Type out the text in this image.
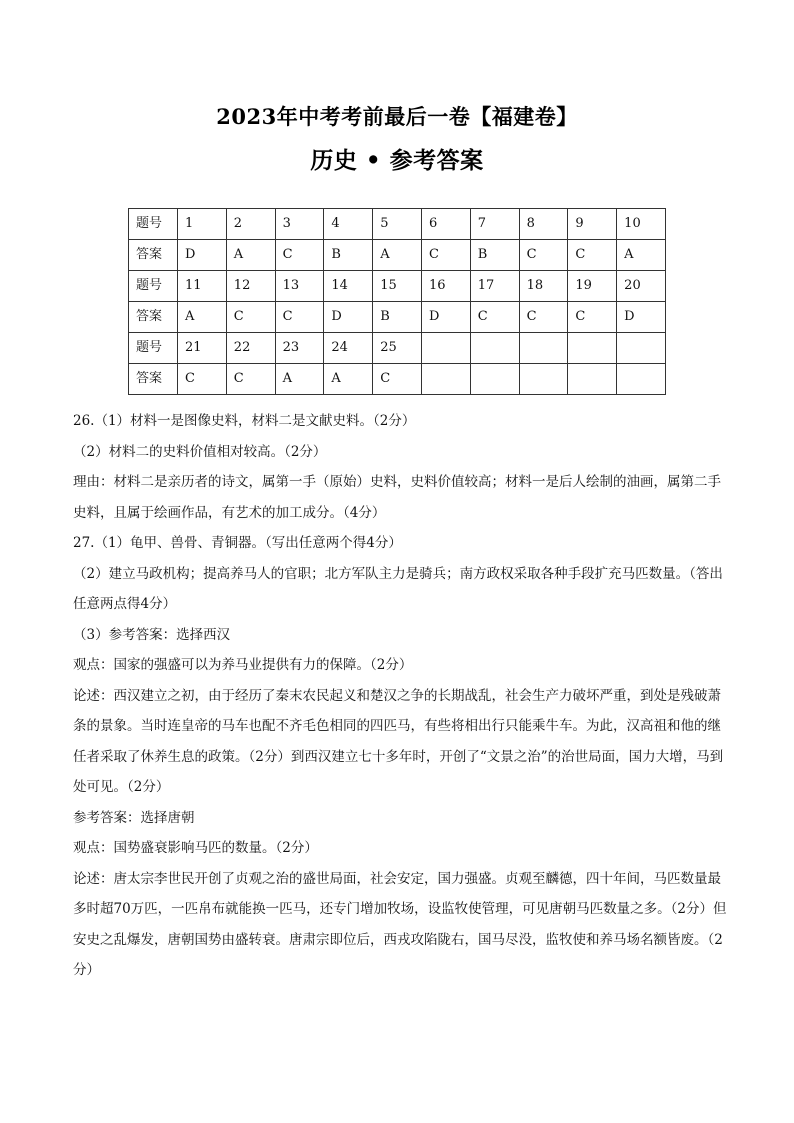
2023年中考考前最后一卷【福建卷】
历史 • 参考答案
题号	1	2	3	4	5	6	7	8	9	10
答案	D	A	C	B	A	C	B	C	C	A
题号	11	12	13	14	15	16	17	18	19	20
答案	A	C	C	D	B	D	C	C	C	D
题号	21	22	23	24	25					
答案	C	C	A	A	C					

26.（1）材料一是图像史料，材料二是文献史料。（2分）

（2）材料二的史料价值相对较高。（2分）

理由：材料二是亲历者的诗文，属第一手（原始）史料，史料价值较高；材料一是后人绘制的油画，属第二手史料，且属于绘画作品，有艺术的加工成分。（4分）

27.（1）龟甲、兽骨、青铜器。（写出任意两个得4分）

（2）建立马政机构；提高养马人的官职；北方军队主力是骑兵；南方政权采取各种手段扩充马匹数量。（答出任意两点得4分）

（3）参考答案：选择西汉

观点：国家的强盛可以为养马业提供有力的保障。（2分）

论述：西汉建立之初，由于经历了秦末农民起义和楚汉之争的长期战乱，社会生产力破坏严重，到处是残破萧条的景象。当时连皇帝的马车也配不齐毛色相同的四匹马，有些将相出行只能乘牛车。为此，汉高祖和他的继任者采取了休养生息的政策。（2分）到西汉建立七十多年时，开创了“文景之治”的治世局面，国力大增，马到处可见。（2分）

参考答案：选择唐朝

观点：国势盛衰影响马匹的数量。（2分）

论述：唐太宗李世民开创了贞观之治的盛世局面，社会安定，国力强盛。贞观至麟德，四十年间，马匹数量最多时超70万匹，一匹帛布就能换一匹马，还专门增加牧场，设监牧使管理，可见唐朝马匹数量之多。（2分）但安史之乱爆发，唐朝国势由盛转衰。唐肃宗即位后，西戎攻陷陇右，国马尽没，监牧使和养马场名额皆废。（2分）
